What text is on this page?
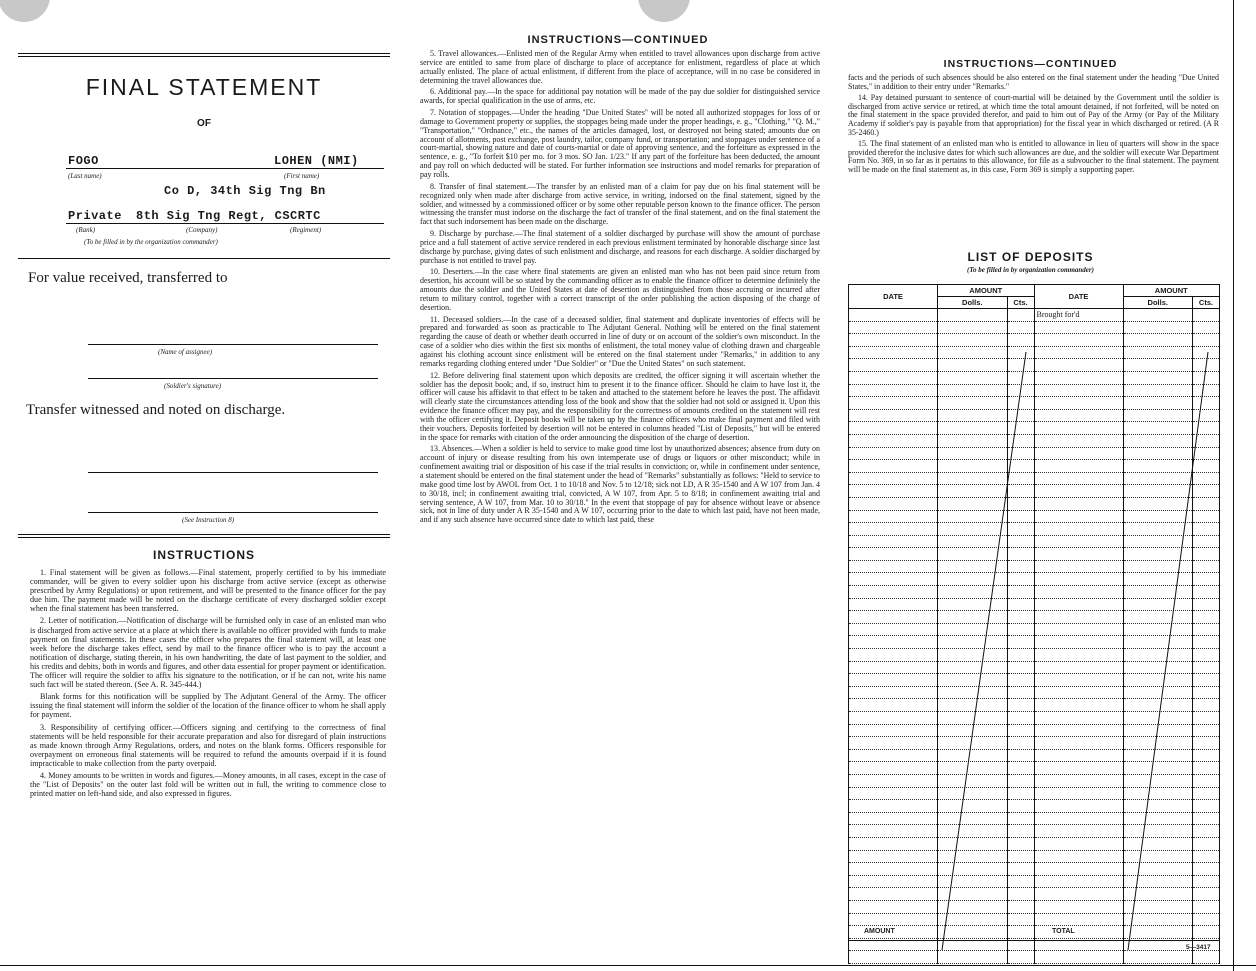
FINAL STATEMENT
OF
FOGO	LOHEN (NMI)
(Last name)	(First name)
Co D, 34th Sig Tng Bn
Private 8th Sig Tng Regt, CSCRTC
(Rank)	(Company)	(Regiment)
(To be filled in by the organization commander)
For value received, transferred to
(Name of assignee)
(Soldier's signature)
Transfer witnessed and noted on discharge.
(See Instruction 8)
INSTRUCTIONS

1. Final statement will be given as follows.—Final statement, properly certified to by his immediate commander, will be given to every soldier upon his discharge from active service (except as otherwise prescribed by Army Regulations) or upon retirement, and will be presented to the finance officer for the pay due him. The payment made will be noted on the discharge certificate of every discharged soldier except when the final statement has been transferred.

2. Letter of notification.—Notification of discharge will be furnished only in case of an enlisted man who is discharged from active service at a place at which there is available no officer provided with funds to make payment on final statements. In these cases the officer who prepares the final statement will, at least one week before the discharge takes effect, send by mail to the finance officer who is to pay the account a notification of discharge, stating therein, in his own handwriting, the date of last payment to the soldier, and his credits and debits, both in words and figures, and other data essential for proper payment or identification. The officer will require the soldier to affix his signature to the notification, or if he can not, write his name such fact will be stated thereon. (See A. R. 345-444.)

Blank forms for this notification will be supplied by The Adjutant General of the Army. The officer issuing the final statement will inform the soldier of the location of the finance officer to whom he shall apply for payment.

3. Responsibility of certifying officer.—Officers signing and certifying to the correctness of final statements will be held responsible for their accurate preparation and also for disregard of plain instructions as made known through Army Regulations, orders, and notes on the blank forms. Officers responsible for overpayment on erroneous final statements will be required to refund the amounts overpaid if it is found impracticable to make collection from the party overpaid.

4. Money amounts to be written in words and figures.—Money amounts, in all cases, except in the case of the "List of Deposits" on the outer last fold will be written out in full, the writing to commence close to printed matter on left-hand side, and also expressed in figures.

INSTRUCTIONS—CONTINUED

5. Travel allowances.—Enlisted men of the Regular Army when entitled to travel allowances upon discharge from active service are entitled to same from place of discharge to place of acceptance for enlistment, regardless of place at which actually enlisted. The place of actual enlistment, if different from the place of acceptance, will in no case be considered in determining the travel allowances due.

6. Additional pay.—In the space for additional pay notation will be made of the pay due soldier for distinguished service awards, for special qualification in the use of arms, etc.

7. Notation of stoppages.—Under the heading "Due United States" will be noted all authorized stoppages for loss of or damage to Government property or supplies, the stoppages being made under the proper headings, e. g., "Clothing," "Q. M.," "Transportation," "Ordnance," etc., the names of the articles damaged, lost, or destroyed not being stated; amounts due on account of allotments, post exchange, post laundry, tailor, company fund, or transportation; and stoppages under sentence of a court-martial, showing nature and date of courts-martial or date of approving sentence, and the forfeiture as expressed in the sentence, e. g., "To forfeit $10 per mo. for 3 mos. SO Jan. 1/23." If any part of the forfeiture has been deducted, the amount and pay roll on which deducted will be stated. For further information see instructions and model remarks for preparation of pay rolls.

8. Transfer of final statement.—The transfer by an enlisted man of a claim for pay due on his final statement will be recognized only when made after discharge from active service, in writing, indorsed on the final statement, signed by the soldier, and witnessed by a commissioned officer or by some other reputable person known to the finance officer. The person witnessing the transfer must indorse on the discharge the fact of transfer of the final statement, and on the final statement the fact that such indorsement has been made on the discharge.

9. Discharge by purchase.—The final statement of a soldier discharged by purchase will show the amount of purchase price and a full statement of active service rendered in each previous enlistment terminated by honorable discharge since last discharge by purchase, giving dates of such enlistment and discharge, and reasons for each discharge. A soldier discharged by purchase is not entitled to travel pay.

10. Deserters.—In the case where final statements are given an enlisted man who has not been paid since return from desertion, his account will be so stated by the commanding officer as to enable the finance officer to determine definitely the amounts due the soldier and the United States at date of desertion as distinguished from those accruing or incurred after return to military control, together with a correct transcript of the order publishing the action disposing of the charge of desertion.

11. Deceased soldiers.—In the case of a deceased soldier, final statement and duplicate inventories of effects will be prepared and forwarded as soon as practicable to The Adjutant General. Nothing will be entered on the final statement regarding the cause of death or whether death occurred in line of duty or on account of the soldier's own misconduct. In the case of a soldier who dies within the first six months of enlistment, the total money value of clothing drawn and chargeable against his clothing account since enlistment will be entered on the final statement under "Remarks," in addition to any remarks regarding clothing entered under "Due Soldier" or "Due the United States" on such statement.

12. Before delivering final statement upon which deposits are credited, the officer signing it will ascertain whether the soldier has the deposit book; and, if so, instruct him to present it to the finance officer. Should he claim to have lost it, the officer will cause his affidavit to that effect to be taken and attached to the statement before he leaves the post. The affidavit will clearly state the circumstances attending loss of the book and show that the soldier had not sold or assigned it. Upon this evidence the finance officer may pay, and the responsibility for the correctness of amounts credited on the statement will rest with the officer certifying it. Deposit books will be taken up by the finance officers who make final payment and filed with their vouchers. Deposits forfeited by desertion will not be entered in columns headed "List of Deposits," but will be entered in the space for remarks with citation of the order announcing the disposition of the charge of desertion.

13. Absences.—When a soldier is held to service to make good time lost by unauthorized absences; absence from duty on account of injury or disease resulting from his own intemperate use of drugs or liquors or other misconduct; while in confinement awaiting trial or disposition of his case if the trial results in conviction; or, while in confinement under sentence, a statement should be entered on the final statement under the head of "Remarks" substantially as follows: "Held to service to make good time lost by AWOL from Oct. 1 to 10/18 and Nov. 5 to 12/18; sick not LD, A R 35-1540 and A W 107 from Jan. 4 to 30/18, incl; in confinement awaiting trial, convicted, A W 107, from Apr. 5 to 8/18; in confinement awaiting trial and serving sentence, A W 107, from Mar. 10 to 30/18." In the event that stoppage of pay for absence without leave or absence sick, not in line of duty under A R 35-1540 and A W 107, occurring prior to the date to which last paid, have not been made, and if any such absence have occurred since date to which last paid, these

INSTRUCTIONS—CONTINUED

facts and the periods of such absences should be also entered on the final statement under the heading "Due United States," in addition to their entry under "Remarks."

14. Pay detained pursuant to sentence of court-martial will be detained by the Government until the soldier is discharged from active service or retired, at which time the total amount detained, if not forfeited, will be noted on the final statement in the space provided therefor, and paid to him out of Pay of the Army (or Pay of the Military Academy if soldier's pay is payable from that appropriation) for the fiscal year in which discharged or retired. (A R 35-2460.)

15. The final statement of an enlisted man who is entitled to allowance in lieu of quarters will show in the space provided therefor the inclusive dates for which such allowances are due, and the soldier will execute War Department Form No. 369, in so far as it pertains to this allowance, for file as a subvoucher to the final statement. The payment will be made on the final statement as, in this case, Form 369 is simply a supporting paper.

LIST OF DEPOSITS
(To be filled in by organization commander)
DATE	AMOUNT		DATE	AMOUNT	
	Dolls.	Cts.		Dolls.	Cts.
			Brought for'd		

AMOUNT	TOTAL
5—3417
